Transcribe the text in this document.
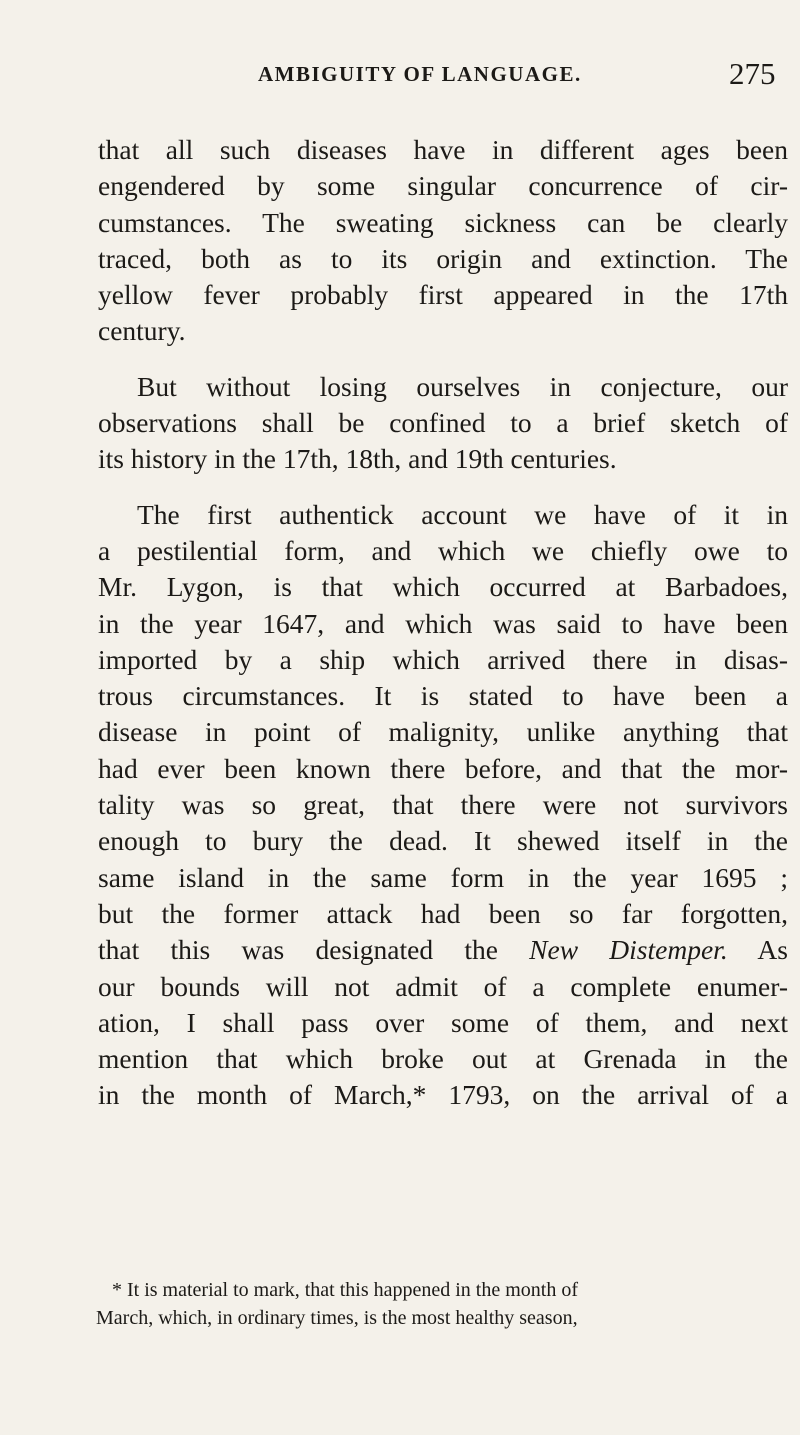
AMBIGUITY OF LANGUAGE.	275

that all such diseases have in different ages been
engendered by some singular concurrence of cir-
cumstances. The sweating sickness can be clearly
traced, both as to its origin and extinction. The
yellow fever probably first appeared in the 17th
century.

But without losing ourselves in conjecture, our
observations shall be confined to a brief sketch of
its history in the 17th, 18th, and 19th centuries.

The first authentick account we have of it in
a pestilential form, and which we chiefly owe to
Mr. Lygon, is that which occurred at Barbadoes,
in the year 1647, and which was said to have been
imported by a ship which arrived there in disas-
trous circumstances. It is stated to have been a
disease in point of malignity, unlike anything that
had ever been known there before, and that the mor-
tality was so great, that there were not survivors
enough to bury the dead. It shewed itself in the
same island in the same form in the year 1695 ;
but the former attack had been so far forgotten,
that this was designated the New Distemper. As
our bounds will not admit of a complete enumer-
ation, I shall pass over some of them, and next
mention that which broke out at Grenada in the
in the month of March,* 1793, on the arrival of a

* It is material to mark, that this happened in the month of
March, which, in ordinary times, is the most healthy season,
